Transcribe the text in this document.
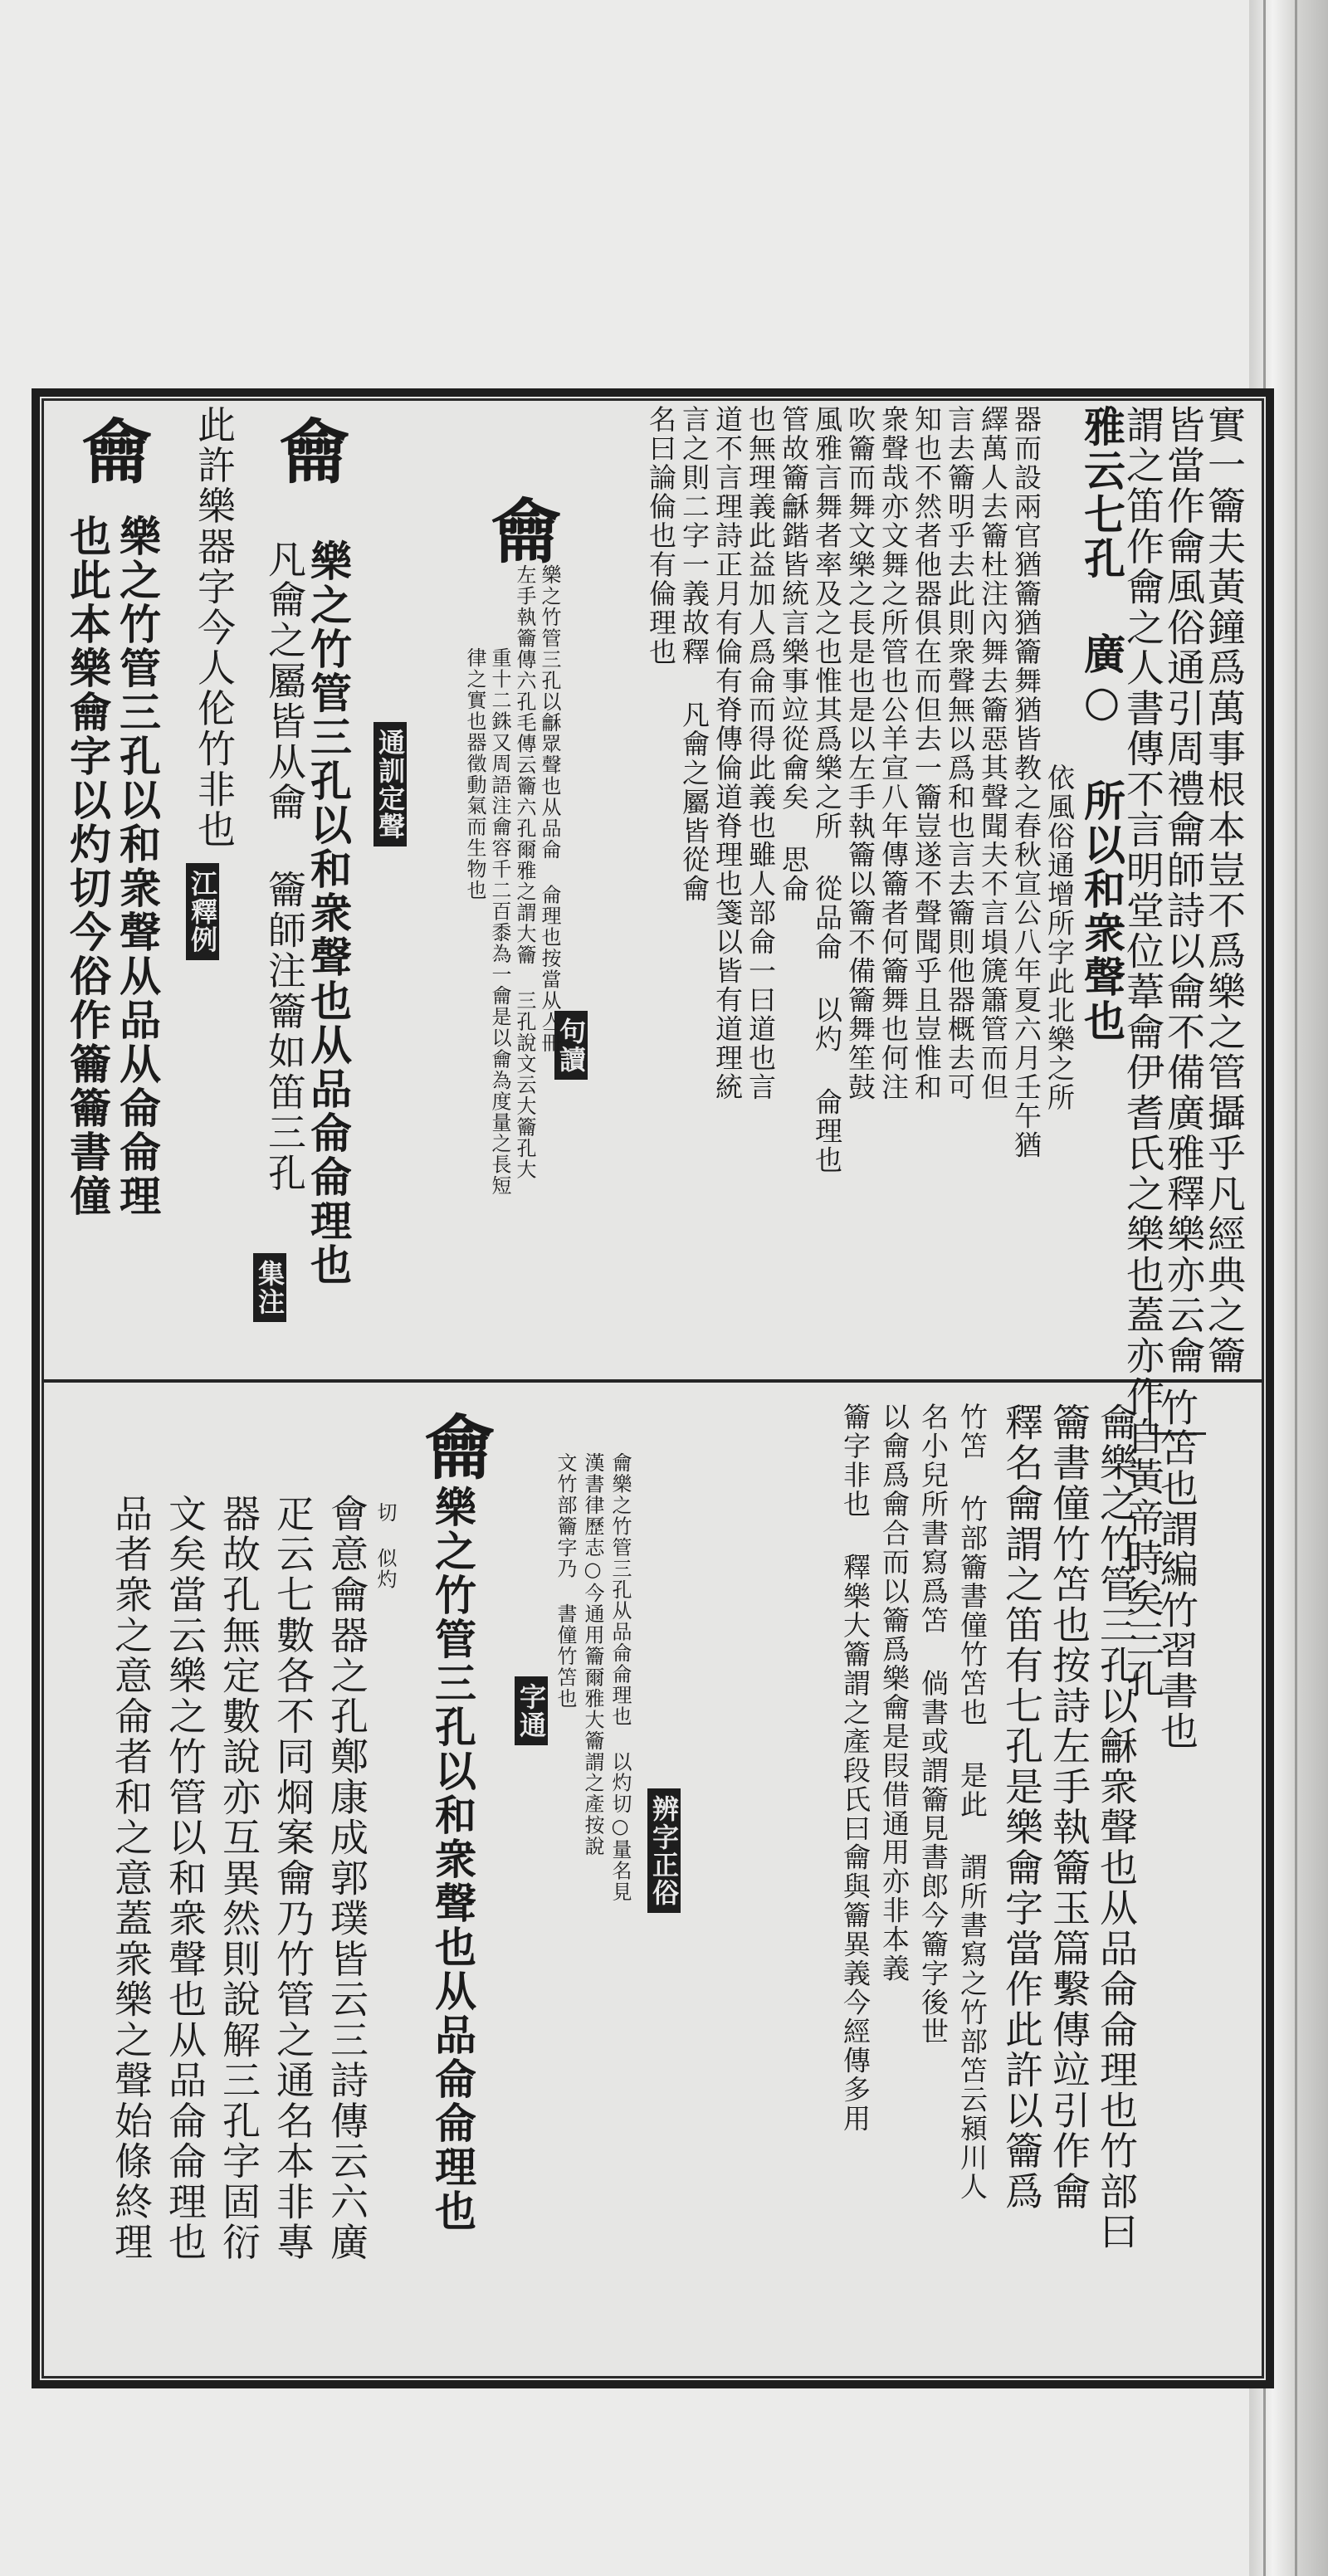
竹笘也謂編竹習書也
實一籥夫黃鐘爲萬事根本豈不爲樂之管攝乎凡經典之籥
皆當作龠風俗通引周禮龠師詩以龠不備廣雅釋樂亦云龠
謂之笛作龠之人書傳不言明堂位葦龠伊耆氏之樂也蓋亦作自黃帝時矣三孔
雅云七孔 廣○ 所以和衆聲也
依風俗通增所字此北樂之所
器而設兩官猶籥猶籥舞猶皆教之春秋宣公八年夏六月壬午猶
繹萬人去籥杜注內舞去籥惡其聲聞夫不言塤篪簫管而但
言去籥明乎去此則衆聲無以爲和也言去籥則他器概去可
知也不然者他器俱在而但去一籥豈遂不聲聞乎且豈惟和
衆聲哉亦文舞之所管也公羊宣八年傳籥者何籥舞也何注
吹籥而舞文樂之長是也是以左手執籥以籥不備籥舞笙鼓
風雅言舞者率及之也惟其爲樂之所 從品侖 以灼 侖理也
管故籥龢鍇皆統言樂事竝從龠矣 思侖
也無理義此益加人爲侖而得此義也雖人部侖一曰道也言
道不言理詩正月有倫有脊傳倫道脊理也箋以皆有道理統
言之則二字一義故釋 凡龠之屬皆從龠
名曰論倫也有倫理也
句讀
龠
樂之竹管三孔以龢眾聲也从品侖 侖理也按當从亼冊
左手執籥傳六孔毛傳云籥六孔爾雅之謂大籥 三孔說文云大籥孔大
重十二銖又周語注龠容千二百黍為一龠是以龠為度量之長短
律之實也器徵動氣而生物也
龠
樂之竹管三孔以和衆聲也从品侖侖理也 通訓定聲
凡龠之屬皆从龠 籥師注籥如笛三孔
集注
此許樂器字今人伦竹非也
江釋例
龠
樂之竹管三孔以和衆聲从品从侖侖理
也此本樂龠字以灼切今俗作籥籥書僮
龠樂之竹管三孔以龢衆聲也从品侖侖理也竹部曰
籥書僮竹笘也按詩左手執籥玉篇繫傳竝引作龠
釋名龠謂之笛有七孔是樂龠字當作此許以籥爲
竹笘 竹部籥書僮竹笘也 是此 謂所書寫之竹部笘云潁川人
名小兒所書寫爲笘 倘書或謂籥見書郎今籥字後世
以龠爲龠合而以籥爲樂龠是叚借通用亦非本義
籥字非也 釋樂大籥謂之產段氏曰龠與籥異義今經傳多用
辨字正俗
龠樂之竹管三孔从品侖侖理也 以灼切○量名見
漢書律歷志○今通用籥爾雅大籥謂之產按說
文竹部籥字乃 書僮竹笘也
字通
龠
樂之竹管三孔以和衆聲也从品侖侖理也
切 似灼
會意龠器之孔鄭康成郭璞皆云三詩傳云六廣
疋云七數各不同烱案龠乃竹管之通名本非專
器故孔無定數說亦互異然則說解三孔字固衍
文矣當云樂之竹管以和衆聲也从品侖侖理也
品者衆之意侖者和之意蓋衆樂之聲始條終理
